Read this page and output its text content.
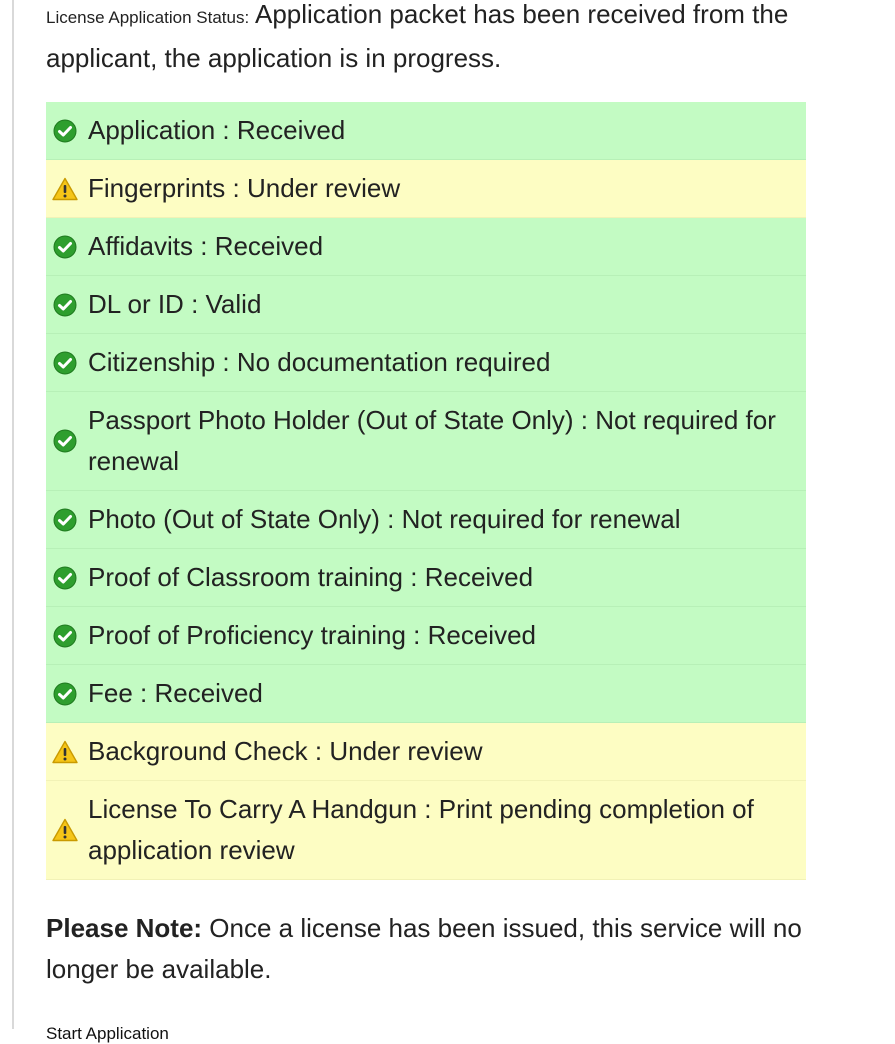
License Application Status: Application packet has been received from the applicant, the application is in progress.

Application : Received
Fingerprints : Under review
Affidavits : Received
DL or ID : Valid
Citizenship : No documentation required
Passport Photo Holder (Out of State Only) : Not required for renewal
Photo (Out of State Only) : Not required for renewal
Proof of Classroom training : Received
Proof of Proficiency training : Received
Fee : Received
Background Check : Under review
License To Carry A Handgun : Print pending completion of application review

Please Note: Once a license has been issued, this service will no longer be available.

Start Application
